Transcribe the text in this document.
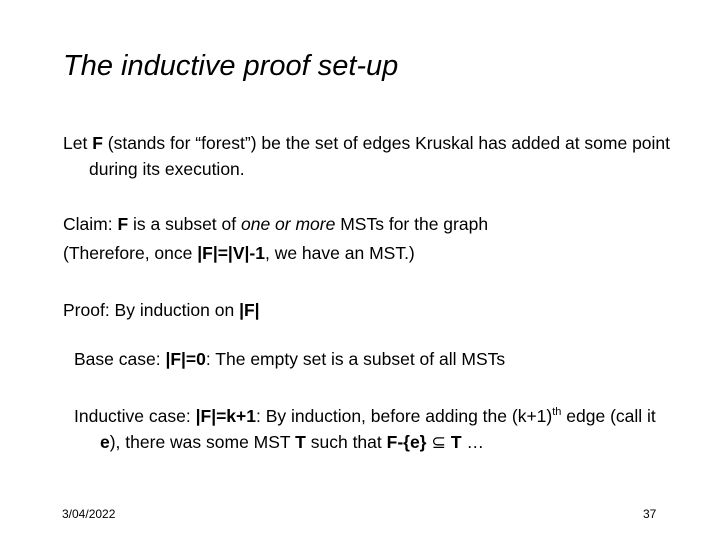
The inductive proof set-up
Let F (stands for “forest”) be the set of edges Kruskal has added at some point during its execution.
Claim: F is a subset of one or more MSTs for the graph
(Therefore, once |F|=|V|-1, we have an MST.)
Proof: By induction on |F|
Base case: |F|=0: The empty set is a subset of all MSTs
Inductive case: |F|=k+1: By induction, before adding the $(k+1)^{th}$ edge (call it e), there was some MST T such that F-{e} ⊆ T …
3/04/2022	37
